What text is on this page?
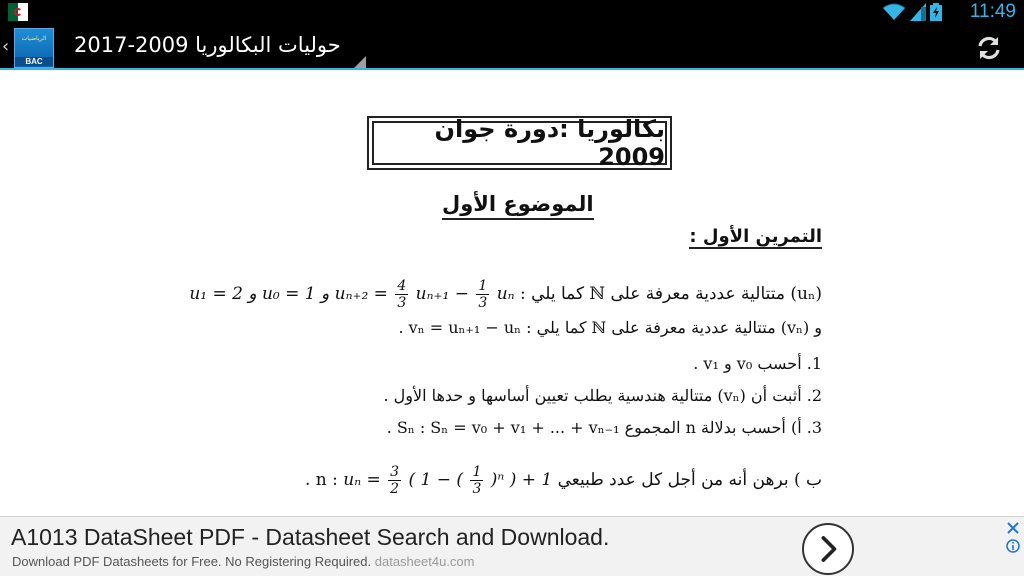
11:49
‹	الرياضيات
BAC
حوليات البكالوريا 2009-2017
بكالوريا :دورة جوان 2009
الموضوع الأول
التمرين الأول :
(uₙ) متتالية عددية معرفة على ℕ كما يلي : $u_{n+2} = \frac{4}{3} u_{n+1} - \frac{1}{3}$
uₙ و u₀ = 1 و u₁ = 2
و (vₙ) متتالية عددية معرفة على ℕ كما يلي : vₙ = uₙ₊₁ − uₙ .
1. أحسب v₀ و v₁ .
2. أثبت أن (vₙ) متتالية هندسية يطلب تعيين أساسها و حدها الأول .
3. أ) أحسب بدلالة n المجموع Sₙ : Sₙ = v₀ + v₁ + ... + vₙ₋₁ .
ب ) برهن أنه من أجل كل عدد طبيعي n : $u_n = \frac{3}{2}$ ( 1 − ( $\frac{1}{3}$
)ⁿ ) + 1 .
A1013 DataSheet PDF - Datasheet Search and Download.
Download PDF Datasheets for Free. No Registering Required. datasheet4u.com
